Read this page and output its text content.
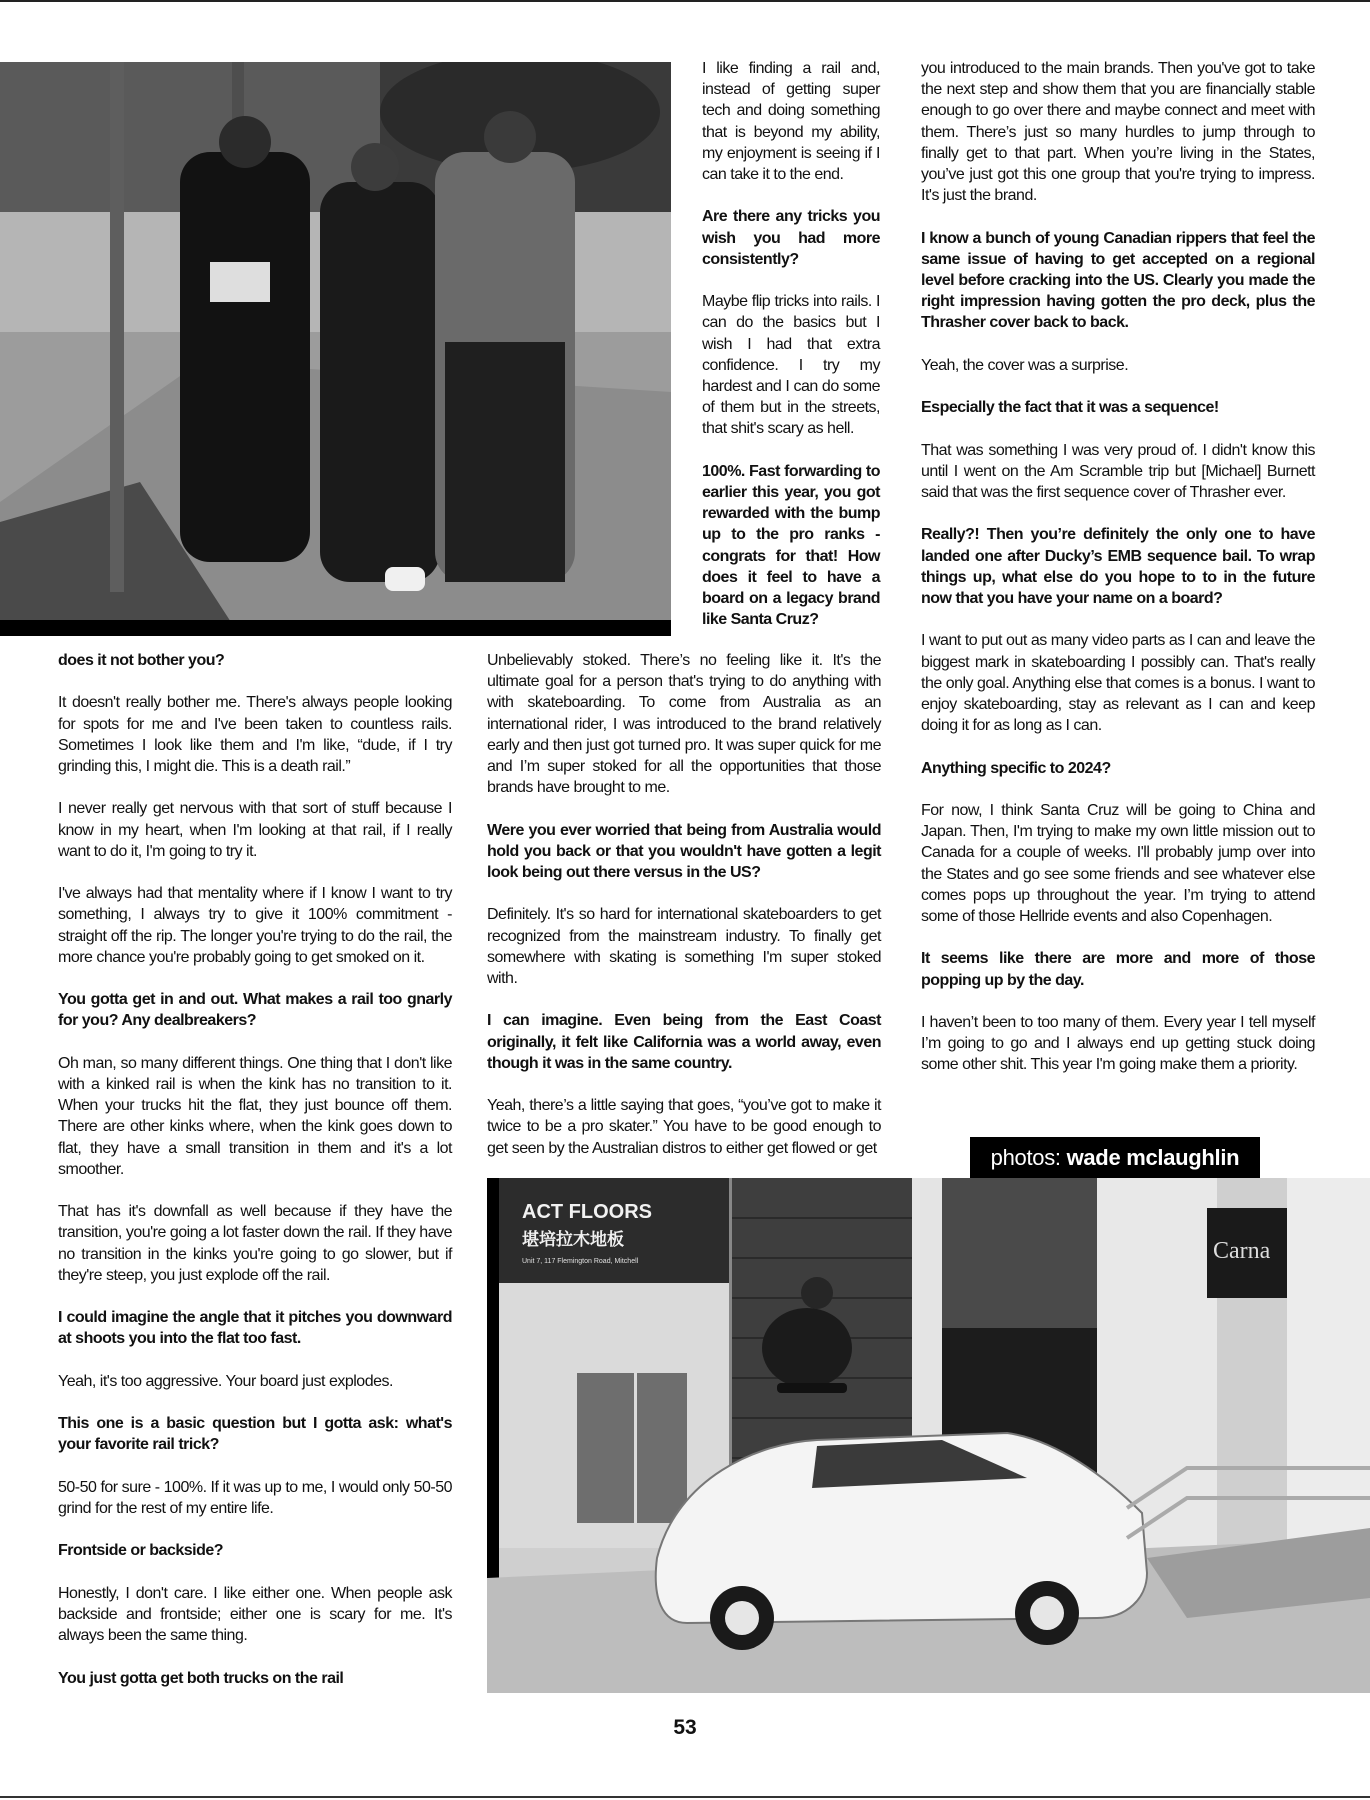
I like finding a rail and, instead of getting super tech and doing something that is beyond my ability, my enjoyment is seeing if I can take it to the end.

Are there any tricks you wish you had more consistently?

Maybe flip tricks into rails. I can do the basics but I wish I had that extra confidence. I try my hardest and I can do some of them but in the streets, that shit's scary as hell.

100%. Fast forwarding to earlier this year, you got rewarded with the bump up to the pro ranks - congrats for that! How does it feel to have a board on a legacy brand like Santa Cruz?

does it not bother you?

It doesn't really bother me. There's always people looking for spots for me and I've been taken to countless rails. Sometimes I look like them and I'm like, “dude, if I try grinding this, I might die. This is a death rail.”

I never really get nervous with that sort of stuff because I know in my heart, when I'm looking at that rail, if I really want to do it, I'm going to try it.

I've always had that mentality where if I know I want to try something, I always try to give it 100% commitment - straight off the rip. The longer you're trying to do the rail, the more chance you're probably going to get smoked on it.

You gotta get in and out. What makes a rail too gnarly for you? Any dealbreakers?

Oh man, so many different things. One thing that I don't like with a kinked rail is when the kink has no transition to it. When your trucks hit the flat, they just bounce off them. There are other kinks where, when the kink goes down to flat, they have a small transition in them and it's a lot smoother.

That has it's downfall as well because if they have the transition, you're going a lot faster down the rail. If they have no transition in the kinks you're going to go slower, but if they're steep, you just explode off the rail.

I could imagine the angle that it pitches you downward at shoots you into the flat too fast.

Yeah, it's too aggressive. Your board just explodes.

This one is a basic question but I gotta ask: what's your favorite rail trick?

50-50 for sure - 100%. If it was up to me, I would only 50-50 grind for the rest of my entire life.

Frontside or backside?

Honestly, I don't care. I like either one. When people ask backside and frontside; either one is scary for me. It's always been the same thing.

You just gotta get both trucks on the rail

Unbelievably stoked. There’s no feeling like it. It's the ultimate goal for a person that's trying to do anything with with skateboarding. To come from Australia as an international rider, I was introduced to the brand relatively early and then just got turned pro. It was super quick for me and I’m super stoked for all the opportunities that those brands have brought to me.

Were you ever worried that being from Australia would hold you back or that you wouldn't have gotten a legit look being out there versus in the US?

Definitely. It's so hard for international skateboarders to get recognized from the mainstream industry. To finally get somewhere with skating is something I'm super stoked with.

I can imagine. Even being from the East Coast originally, it felt like California was a world away, even though it was in the same country.

Yeah, there’s a little saying that goes, “you’ve got to make it twice to be a pro skater.” You have to be good enough to get seen by the Australian distros to either get flowed or get

you introduced to the main brands. Then you've got to take the next step and show them that you are financially stable enough to go over there and maybe connect and meet with them. There’s just so many hurdles to jump through to finally get to that part. When you’re living in the States, you’ve just got this one group that you're trying to impress. It's just the brand.

I know a bunch of young Canadian rippers that feel the same issue of having to get accepted on a regional level before cracking into the US. Clearly you made the right impression having gotten the pro deck, plus the Thrasher cover back to back.

Yeah, the cover was a surprise.

Especially the fact that it was a sequence!

That was something I was very proud of. I didn't know this until I went on the Am Scramble trip but [Michael] Burnett said that was the first sequence cover of Thrasher ever.

Really?! Then you’re definitely the only one to have landed one after Ducky’s EMB sequence bail. To wrap things up, what else do you hope to to in the future now that you have your name on a board?

I want to put out as many video parts as I can and leave the biggest mark in skateboarding I possibly can. That's really the only goal. Anything else that comes is a bonus. I want to enjoy skateboarding, stay as relevant as I can and keep doing it for as long as I can.

Anything specific to 2024?

For now, I think Santa Cruz will be going to China and Japan. Then, I'm trying to make my own little mission out to Canada for a couple of weeks. I'll probably jump over into the States and go see some friends and see whatever else comes pops up throughout the year. I’m trying to attend some of those Hellride events and also Copenhagen.

It seems like there are more and more of those popping up by the day.

I haven’t been to too many of them. Every year I tell myself I’m going to go and I always end up getting stuck doing some other shit. This year I'm going make them a priority.

photos: wade mclaughlin
ACT FLOORS
堪培拉木地板
Unit 7, 117 Flemington Road, Mitchell	Carna
53
